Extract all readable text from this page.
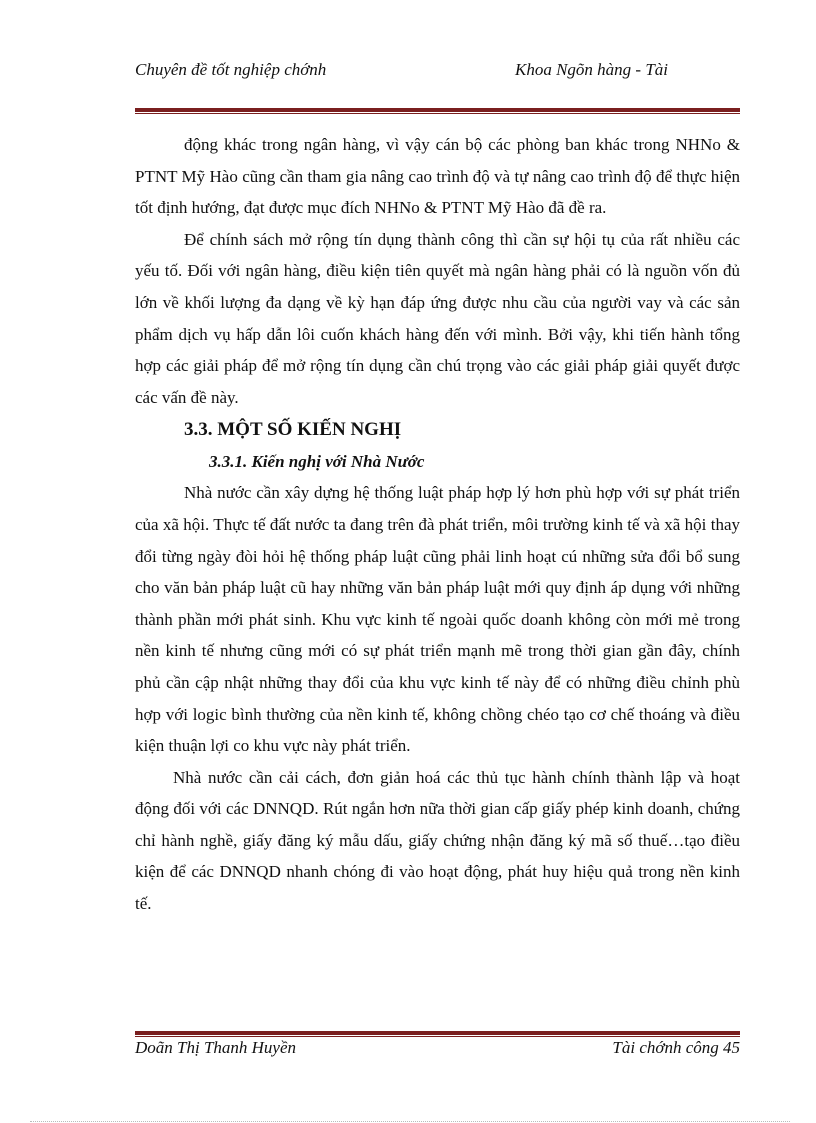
Chuyên đề tốt nghiệp chớnh	Khoa Ngõn hàng - Tài

động khác trong ngân hàng, vì vậy cán bộ các phòng ban khác trong NHNo & PTNT Mỹ Hào cũng cần tham gia nâng cao trình độ và tự nâng cao trình độ để thực hiện tốt định hướng, đạt được mục đích NHNo & PTNT Mỹ Hào đã đề ra.

Để chính sách mở rộng tín dụng thành công thì cần sự hội tụ của rất nhiều các yếu tố. Đối với ngân hàng, điều kiện tiên quyết mà ngân hàng phải có là nguồn vốn đủ lớn về khối lượng đa dạng về kỳ hạn đáp ứng được nhu cầu của người vay và các sản phẩm dịch vụ hấp dẫn lôi cuốn khách hàng đến với mình. Bởi vậy, khi tiến hành tổng hợp các giải pháp để mở rộng tín dụng cần chú trọng vào các giải pháp giải quyết được các vấn đề này.

3.3. MỘT SỐ KIẾN NGHỊ

3.3.1. Kiến nghị với Nhà Nước

Nhà nước cần xây dựng hệ thống luật pháp hợp lý hơn phù hợp với sự phát triển của xã hội. Thực tế đất nước ta đang trên đà phát triển, môi trường kinh tế và xã hội thay đổi từng ngày đòi hỏi hệ thống pháp luật cũng phải linh hoạt cú những sửa đổi bổ sung cho văn bản pháp luật cũ hay những văn bản pháp luật mới quy định áp dụng với những thành phần mới phát sinh. Khu vực kinh tế ngoài quốc doanh không còn mới mẻ trong nền kinh tế nhưng cũng mới có sự phát triển mạnh mẽ trong thời gian gần đây, chính phủ cần cập nhật những thay đổi của khu vực kinh tế này để có những điều chỉnh phù hợp với logic bình thường của nền kinh tế, không chồng chéo tạo cơ chế thoáng và điều kiện thuận lợi co khu vực này phát triển.

Nhà nước cần cải cách, đơn giản hoá các thủ tục hành chính thành lập và hoạt động đối với các DNNQD. Rút ngắn hơn nữa thời gian cấp giấy phép kinh doanh, chứng chỉ hành nghề, giấy đăng ký mẫu dấu, giấy chứng nhận đăng ký mã số thuế…tạo điều kiện để các DNNQD nhanh chóng đi vào hoạt động, phát huy hiệu quả trong nền kinh tế.

Doãn Thị Thanh Huyền	Tài chớnh công 45
